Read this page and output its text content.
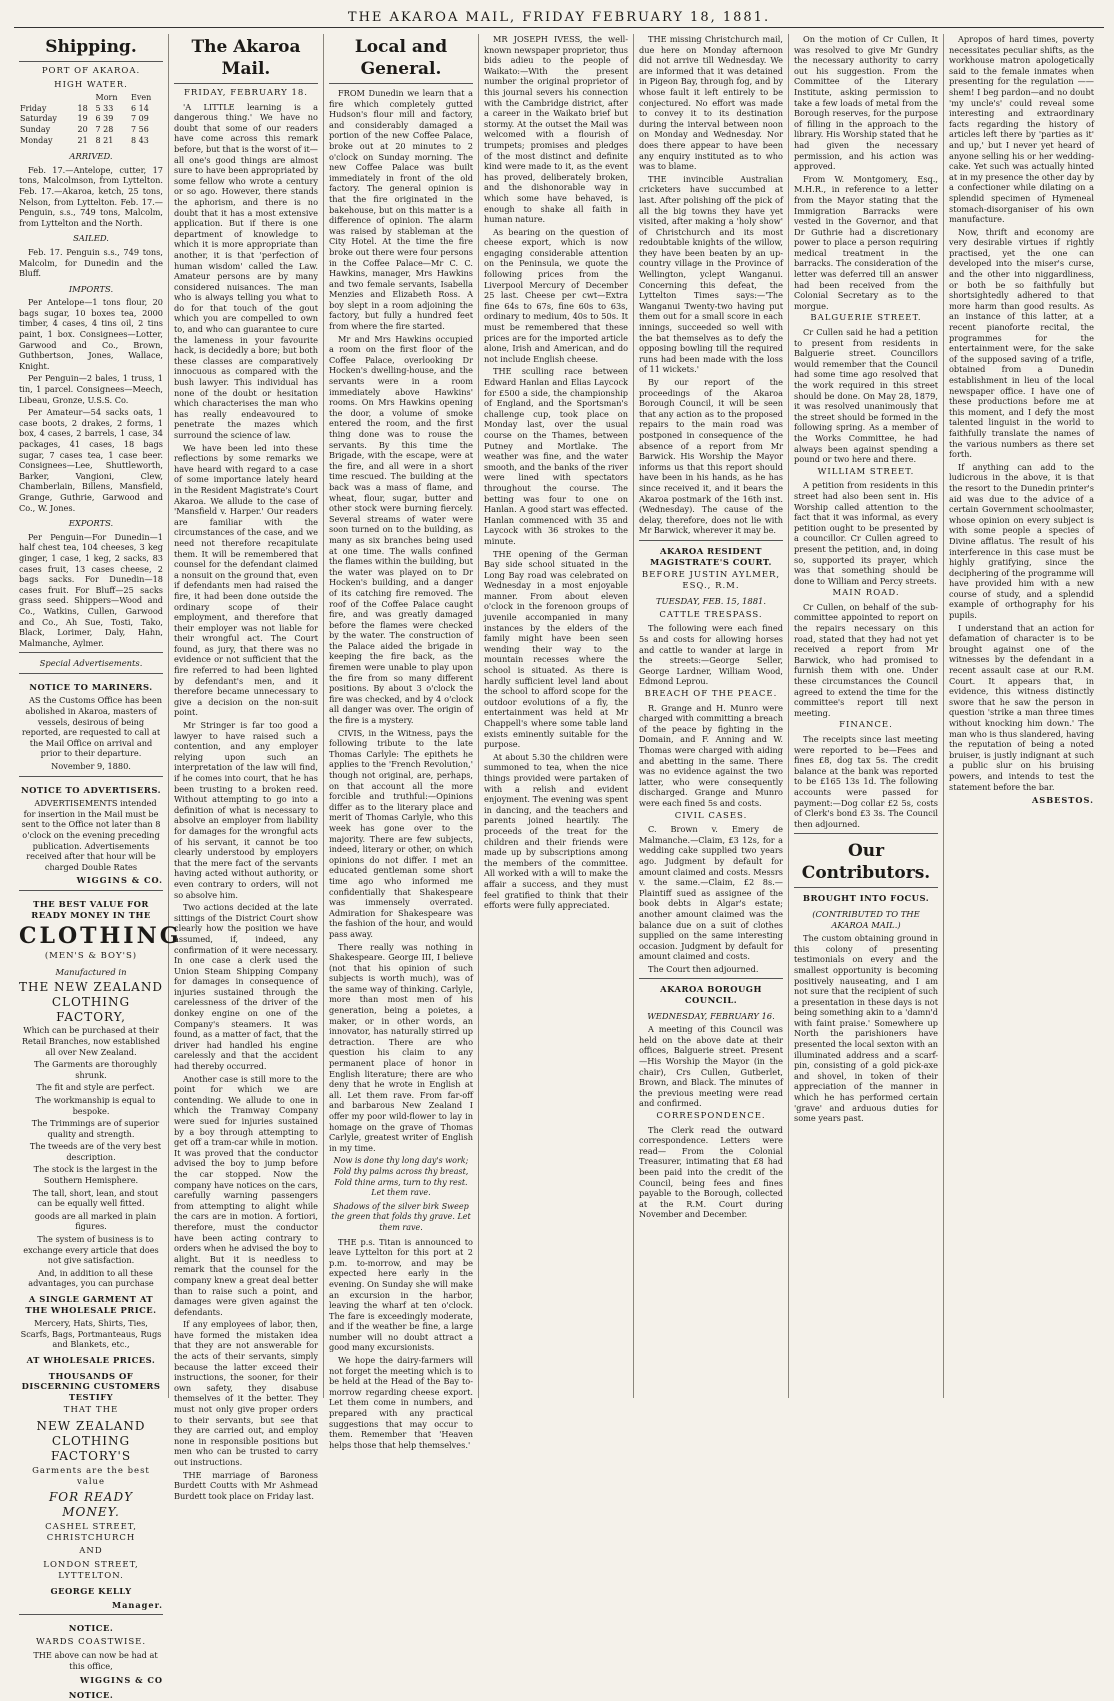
THE AKAROA MAIL, FRIDAY FEBRUARY 18, 1881.
Shipping.
PORT OF AKAROA.
HIGH WATER.
		Morn	Even
Friday	18	5 33	6 14
Saturday	19	6 39	7 09
Sunday	20	7 28	7 56
Monday	21	8 21	8 43
ARRIVED.

Feb. 17.—Antelope, cutter, 17 tons, Malcolmson, from Lyttelton. Feb. 17.—Akaroa, ketch, 25 tons, Nelson, from Lyttelton. Feb. 17.—Penguin, s.s., 749 tons, Malcolm, from Lyttelton and the North.

SAILED.

Feb. 17. Penguin s.s., 749 tons, Malcolm, for Dunedin and the Bluff.

IMPORTS.

Per Antelope—1 tons flour, 20 bags sugar, 10 boxes tea, 2000 timber, 4 cases, 4 tins oil, 2 tins paint, 1 box. Consignees—Lotter, Garwood and Co., Brown, Guthbertson, Jones, Wallace, Knight.

Per Penguin—2 bales, 1 truss, 1 tin, 1 parcel. Consignees—Meech, Libeau, Gronze, U.S.S. Co.

Per Amateur—54 sacks oats, 1 case boots, 2 drakes, 2 forms, 1 box, 4 cases, 2 barrels, 1 case, 34 packages, 41 cases, 18 bags sugar, 7 cases tea, 1 case beer. Consignees—Lee, Shuttleworth, Barker, Vangioni, Clew, Chamberlain, Billens, Mansfield, Grange, Guthrie, Garwood and Co., W. Jones.

EXPORTS.

Per Penguin—For Dunedin—1 half chest tea, 104 cheeses, 3 keg ginger, 1 case, 1 keg, 2 sacks, 83 cases fruit, 13 cases cheese, 2 bags sacks. For Dunedin—18 cases fruit. For Bluff—25 sacks grass seed. Shippers—Wood and Co., Watkins, Cullen, Garwood and Co., Ah Sue, Tosti, Tako, Black, Lorimer, Daly, Hahn, Malmanche, Aylmer.

Special Advertisements.
NOTICE TO MARINERS.

AS the Customs Office has been abolished in Akaroa, masters of vessels, desirous of being reported, are requested to call at the Mail Office on arrival and prior to their departure.

November 9, 1880.

NOTICE TO ADVERTISERS.

ADVERTISEMENTS intended for insertion in the Mail must be sent to the Office not later than 8 o'clock on the evening preceding publication. Advertisements received after that hour will be charged Double Rates

WIGGINS & CO.
THE BEST VALUE FOR READY MONEY IN THE
CLOTHING
(MEN'S & BOY'S)
Manufactured in
THE NEW ZEALAND CLOTHING FACTORY,

Which can be purchased at their Retail Branches, now established all over New Zealand.

The Garments are thoroughly shrunk.

The fit and style are perfect.

The workmanship is equal to bespoke.

The Trimmings are of superior quality and strength.

The tweeds are of the very best description.

The stock is the largest in the Southern Hemisphere.

The tall, short, lean, and stout can be equally well fitted.

goods are all marked in plain figures.

The system of business is to exchange every article that does not give satisfaction.

And, in addition to all these advantages, you can purchase

A SINGLE GARMENT AT THE WHOLESALE PRICE.

Mercery, Hats, Shirts, Ties, Scarfs, Bags, Portmanteaus, Rugs and Blankets, etc.,

AT WHOLESALE PRICES.
THOUSANDS OF DISCERNING CUSTOMERS TESTIFY
THAT THE
NEW ZEALAND CLOTHING FACTORY'S
Garments are the best value
FOR READY MONEY.
CASHEL STREET, CHRISTCHURCH
AND
LONDON STREET, LYTTELTON.
GEORGE KELLY
Manager.
NOTICE.
WARDS COASTWISE.

THE above can now be had at this office,

WIGGINS & CO
NOTICE.
The Akaroa Mail.
FRIDAY, FEBRUARY 18.

'A LITTLE learning is a dangerous thing.' We have no doubt that some of our readers have come across this remark before, but that is the worst of it—all one's good things are almost sure to have been appropriated by some fellow who wrote a century or so ago. However, there stands the aphorism, and there is no doubt that it has a most extensive application. But if there is one department of knowledge to which it is more appropriate than another, it is that 'perfection of human wisdom' called the Law. Amateur persons are by many considered nuisances. The man who is always telling you what to do for that touch of the gout which you are compelled to own to, and who can guarantee to cure the lameness in your favourite hack, is decidedly a bore; but both these classes are comparatively innocuous as compared with the bush lawyer. This individual has none of the doubt or hesitation which characterises the man who has really endeavoured to penetrate the mazes which surround the science of law.

We have been led into these reflections by some remarks we have heard with regard to a case of some importance lately heard in the Resident Magistrate's Court Akaroa. We allude to the case of 'Mansfield v. Harper.' Our readers are familiar with the circumstances of the case, and we need not therefore recapitulate them. It will be remembered that counsel for the defendant claimed a nonsuit on the ground that, even if defendants men had raised the fire, it had been done outside the ordinary scope of their employment, and therefore that their employer was not liable for their wrongful act. The Court found, as jury, that there was no evidence or not sufficient that the fire referred to had been lighted by defendant's men, and it therefore became unnecessary to give a decision on the non-suit point.

Mr Stringer is far too good a lawyer to have raised such a contention, and any employer relying upon such an interpretation of the law will find, if he comes into court, that he has been trusting to a broken reed. Without attempting to go into a definition of what is necessary to absolve an employer from liability for damages for the wrongful acts of his servant, it cannot be too clearly understood by employers that the mere fact of the servants having acted without authority, or even contrary to orders, will not so absolve him.

Two actions decided at the late sittings of the District Court show clearly how the position we have assumed, if, indeed, any confirmation of it were necessary. In one case a clerk used the Union Steam Shipping Company for damages in consequence of injuries sustained through the carelessness of the driver of the donkey engine on one of the Company's steamers. It was found, as a matter of fact, that the driver had handled his engine carelessly and that the accident had thereby occurred.

Another case is still more to the point for which we are contending. We allude to one in which the Tramway Company were sued for injuries sustained by a boy through attempting to get off a tram-car while in motion. It was proved that the conductor advised the boy to jump before the car stopped. Now the company have notices on the cars, carefully warning passengers from attempting to alight while the cars are in motion. A fortiori, therefore, must the conductor have been acting contrary to orders when he advised the boy to alight. But it is needless to remark that the counsel for the company knew a great deal better than to raise such a point, and damages were given against the defendants.

If any employees of labor, then, have formed the mistaken idea that they are not answerable for the acts of their servants, simply because the latter exceed their instructions, the sooner, for their own safety, they disabuse themselves of it the better. They must not only give proper orders to their servants, but see that they are carried out, and employ none in responsible positions but men who can be trusted to carry out instructions.

THE marriage of Baroness Burdett Coutts with Mr Ashmead Burdett took place on Friday last.

Local and General.

FROM Dunedin we learn that a fire which completely gutted Hudson's flour mill and factory, and considerably damaged a portion of the new Coffee Palace, broke out at 20 minutes to 2 o'clock on Sunday morning. The new Coffee Palace was built immediately in front of the old factory. The general opinion is that the fire originated in the bakehouse, but on this matter is a difference of opinion. The alarm was raised by stableman at the City Hotel. At the time the fire broke out there were four persons in the Coffee Palace—Mr C. C. Hawkins, manager, Mrs Hawkins and two female servants, Isabella Menzies and Elizabeth Ross. A boy slept in a room adjoining the factory, but fully a hundred feet from where the fire started.

Mr and Mrs Hawkins occupied a room on the first floor of the Coffee Palace, overlooking Dr Hocken's dwelling-house, and the servants were in a room immediately above Hawkins' rooms. On Mrs Hawkins opening the door, a volume of smoke entered the room, and the first thing done was to rouse the servants. By this time the Brigade, with the escape, were at the fire, and all were in a short time rescued. The building at the back was a mass of flame, and wheat, flour, sugar, butter and other stock were burning fiercely. Several streams of water were soon turned on to the building, as many as six branches being used at one time. The walls confined the flames within the building, but the water was played on to Dr Hocken's building, and a danger of its catching fire removed. The roof of the Coffee Palace caught fire, and was greatly damaged before the flames were checked by the water. The construction of the Palace aided the brigade in keeping the fire back, as the firemen were unable to play upon the fire from so many different positions. By about 3 o'clock the fire was checked, and by 4 o'clock all danger was over. The origin of the fire is a mystery.

CIVIS, in the Witness, pays the following tribute to the late Thomas Carlyle: The epithets he applies to the 'French Revolution,' though not original, are, perhaps, on that account all the more forcible and truthful:—Opinions differ as to the literary place and merit of Thomas Carlyle, who this week has gone over to the majority. There are few subjects, indeed, literary or other, on which opinions do not differ. I met an educated gentleman some short time ago who informed me confidentially that Shakespeare was immensely overrated. Admiration for Shakespeare was the fashion of the hour, and would pass away.

There really was nothing in Shakespeare. George III, I believe (not that his opinion of such subjects is worth much), was of the same way of thinking. Carlyle, more than most men of his generation, being a poietes, a maker, or in other words, an innovator, has naturally stirred up detraction. There are who question his claim to any permanent place of honor in English literature; there are who deny that he wrote in English at all. Let them rave. From far-off and barbarous New Zealand I offer my poor wild-flower to lay in homage on the grave of Thomas Carlyle, greatest writer of English in my time.

Now is done thy long day's work; Fold thy palms across thy breast, Fold thine arms, turn to thy rest. Let them rave.
Shadows of the silver birk Sweep the green that folds thy grave. Let them rave.

THE p.s. Titan is announced to leave Lyttelton for this port at 2 p.m. to-morrow, and may be expected here early in the evening. On Sunday she will make an excursion in the harbor, leaving the wharf at ten o'clock. The fare is exceedingly moderate, and if the weather be fine, a large number will no doubt attract a good many excursionists.

We hope the dairy-farmers will not forget the meeting which is to be held at the Head of the Bay to-morrow regarding cheese export. Let them come in numbers, and prepared with any practical suggestions that may occur to them. Remember that 'Heaven helps those that help themselves.'

MR JOSEPH IVESS, the well-known newspaper proprietor, thus bids adieu to the people of Waikato:—With the present number the original proprietor of this journal severs his connection with the Cambridge district, after a career in the Waikato brief but stormy. At the outset the Mail was welcomed with a flourish of trumpets; promises and pledges of the most distinct and definite kind were made to it, as the event has proved, deliberately broken, and the dishonorable way in which some have behaved, is enough to shake all faith in human nature.

As bearing on the question of cheese export, which is now engaging considerable attention on the Peninsula, we quote the following prices from the Liverpool Mercury of December 25 last. Cheese per cwt—Extra fine 64s to 67s, fine 60s to 63s, ordinary to medium, 40s to 50s. It must be remembered that these prices are for the imported article alone, Irish and American, and do not include English cheese.

THE sculling race between Edward Hanlan and Elias Laycock for £500 a side, the championship of England, and the Sportsman's challenge cup, took place on Monday last, over the usual course on the Thames, between Putney and Mortlake. The weather was fine, and the water smooth, and the banks of the river were lined with spectators throughout the course. The betting was four to one on Hanlan. A good start was effected. Hanlan commenced with 35 and Laycock with 36 strokes to the minute.

THE opening of the German Bay side school situated in the Long Bay road was celebrated on Wednesday in a most enjoyable manner. From about eleven o'clock in the forenoon groups of juvenile accompanied in many instances by the elders of the family might have been seen wending their way to the mountain recesses where the school is situated. As there is hardly sufficient level land about the school to afford scope for the outdoor evolutions of a fly, the entertainment was held at Mr Chappell's where some table land exists eminently suitable for the purpose.

At about 5.30 the children were summoned to tea, when the nice things provided were partaken of with a relish and evident enjoyment. The evening was spent in dancing, and the teachers and parents joined heartily. The proceeds of the treat for the children and their friends were made up by subscriptions among the members of the committee. All worked with a will to make the affair a success, and they must feel gratified to think that their efforts were fully appreciated.

THE missing Christchurch mail, due here on Monday afternoon did not arrive till Wednesday. We are informed that it was detained in Pigeon Bay, through fog, and by whose fault it left entirely to be conjectured. No effort was made to convey it to its destination during the interval between noon on Monday and Wednesday. Nor does there appear to have been any enquiry instituted as to who was to blame.

THE invincible Australian cricketers have succumbed at last. After polishing off the pick of all the big towns they have yet visited, after making a 'holy show' of Christchurch and its most redoubtable knights of the willow, they have been beaten by an up-country village in the Province of Wellington, yclept Wanganui. Concerning this defeat, the Lyttelton Times says:—'The Wanganui Twenty-two having put them out for a small score in each innings, succeeded so well with the bat themselves as to defy the opposing bowling till the required runs had been made with the loss of 11 wickets.'

By our report of the proceedings of the Akaroa Borough Council, it will be seen that any action as to the proposed repairs to the main road was postponed in consequence of the absence of a report from Mr Barwick. His Worship the Mayor informs us that this report should have been in his hands, as he has since received it, and it bears the Akaroa postmark of the 16th inst. (Wednesday). The cause of the delay, therefore, does not lie with Mr Barwick, wherever it may be.

AKAROA RESIDENT MAGISTRATE'S COURT.
BEFORE JUSTIN AYLMER, ESQ., R.M.
TUESDAY, FEB. 15, 1881.
CATTLE TRESPASS.

The following were each fined 5s and costs for allowing horses and cattle to wander at large in the streets:—George Seller, George Lardner, William Wood, Edmond Leprou.

BREACH OF THE PEACE.

R. Grange and H. Munro were charged with committing a breach of the peace by fighting in the Domain, and F. Anning and W. Thomas were charged with aiding and abetting in the same. There was no evidence against the two latter, who were consequently discharged. Grange and Munro were each fined 5s and costs.

CIVIL CASES.

C. Brown v. Emery de Malmanche.—Claim, £3 12s, for a wedding cake supplied two years ago. Judgment by default for amount claimed and costs. Messrs v. the same.—Claim, £2 8s.—Plaintiff sued as assignee of the book debts in Algar's estate; another amount claimed was the balance due on a suit of clothes supplied on the same interesting occasion. Judgment by default for amount claimed and costs.

The Court then adjourned.

AKAROA BOROUGH COUNCIL.
WEDNESDAY, FEBRUARY 16.

A meeting of this Council was held on the above date at their offices, Balguerie street. Present—His Worship the Mayor (in the chair), Crs Cullen, Gutberlet, Brown, and Black. The minutes of the previous meeting were read and confirmed.

CORRESPONDENCE.

The Clerk read the outward correspondence. Letters were read— From the Colonial Treasurer, intimating that £8 had been paid into the credit of the Council, being fees and fines payable to the Borough, collected at the R.M. Court during November and December.

On the motion of Cr Cullen, It was resolved to give Mr Gundry the necessary authority to carry out his suggestion. From the Committee of the Literary Institute, asking permission to take a few loads of metal from the Borough reserves, for the purpose of filling in the approach to the library. His Worship stated that he had given the necessary permission, and his action was approved.

From W. Montgomery, Esq., M.H.R., in reference to a letter from the Mayor stating that the Immigration Barracks were vested in the Governor, and that Dr Guthrie had a discretionary power to place a person requiring medical treatment in the barracks. The consideration of the letter was deferred till an answer had been received from the Colonial Secretary as to the morgue.

BALGUERIE STREET.

Cr Cullen said he had a petition to present from residents in Balguerie street. Councillors would remember that the Council had some time ago resolved that the work required in this street should be done. On May 28, 1879, it was resolved unanimously that the street should be formed in the following spring. As a member of the Works Committee, he had always been against spending a pound or two here and there.

WILLIAM STREET.

A petition from residents in this street had also been sent in. His Worship called attention to the fact that it was informal, as every petition ought to be presented by a councillor. Cr Cullen agreed to present the petition, and, in doing so, supported its prayer, which was that something should be done to William and Percy streets.

MAIN ROAD.

Cr Cullen, on behalf of the sub-committee appointed to report on the repairs necessary on this road, stated that they had not yet received a report from Mr Barwick, who had promised to furnish them with one. Under these circumstances the Council agreed to extend the time for the committee's report till next meeting.

FINANCE.

The receipts since last meeting were reported to be—Fees and fines £8, dog tax 5s. The credit balance at the bank was reported to be £165 13s 1d. The following accounts were passed for payment:—Dog collar £2 5s, costs of Clerk's bond £3 3s. The Council then adjourned.

Our Contributors.
BROUGHT INTO FOCUS.
(CONTRIBUTED TO THE AKAROA MAIL.)

The custom obtaining ground in this colony of presenting testimonials on every and the smallest opportunity is becoming positively nauseating, and I am not sure that the recipient of such a presentation in these days is not being something akin to a 'damn'd with faint praise.' Somewhere up North the parishioners have presented the local sexton with an illuminated address and a scarf-pin, consisting of a gold pick-axe and shovel, in token of their appreciation of the manner in which he has performed certain 'grave' and arduous duties for some years past.

Apropos of hard times, poverty necessitates peculiar shifts, as the workhouse matron apologetically said to the female inmates when presenting for the regulation ——shem! I beg pardon—and no doubt 'my uncle's' could reveal some interesting and extraordinary facts regarding the history of articles left there by 'parties as it' and up,' but I never yet heard of anyone selling his or her wedding-cake. Yet such was actually hinted at in my presence the other day by a confectioner while dilating on a splendid specimen of Hymeneal stomach-disorganiser of his own manufacture.

Now, thrift and economy are very desirable virtues if rightly practised, yet the one can developed into the miser's curse, and the other into niggardliness, or both be so faithfully but shortsightedly adhered to that more harm than good results. As an instance of this latter, at a recent pianoforte recital, the programmes for the entertainment were, for the sake of the supposed saving of a trifle, obtained from a Dunedin establishment in lieu of the local newspaper office. I have one of these productions before me at this moment, and I defy the most talented linguist in the world to faithfully translate the names of the various numbers as there set forth.

If anything can add to the ludicrous in the above, it is that the resort to the Dunedin printer's aid was due to the advice of a certain Government schoolmaster, whose opinion on every subject is with some people a species of Divine afflatus. The result of his interference in this case must be highly gratifying, since the deciphering of the programme will have provided him with a new course of study, and a splendid example of orthography for his pupils.

I understand that an action for defamation of character is to be brought against one of the witnesses by the defendant in a recent assault case at our R.M. Court. It appears that, in evidence, this witness distinctly swore that he saw the person in question 'strike a man three times without knocking him down.' The man who is thus slandered, having the reputation of being a noted bruiser, is justly indignant at such a public slur on his bruising powers, and intends to test the statement before the bar.

ASBESTOS.
